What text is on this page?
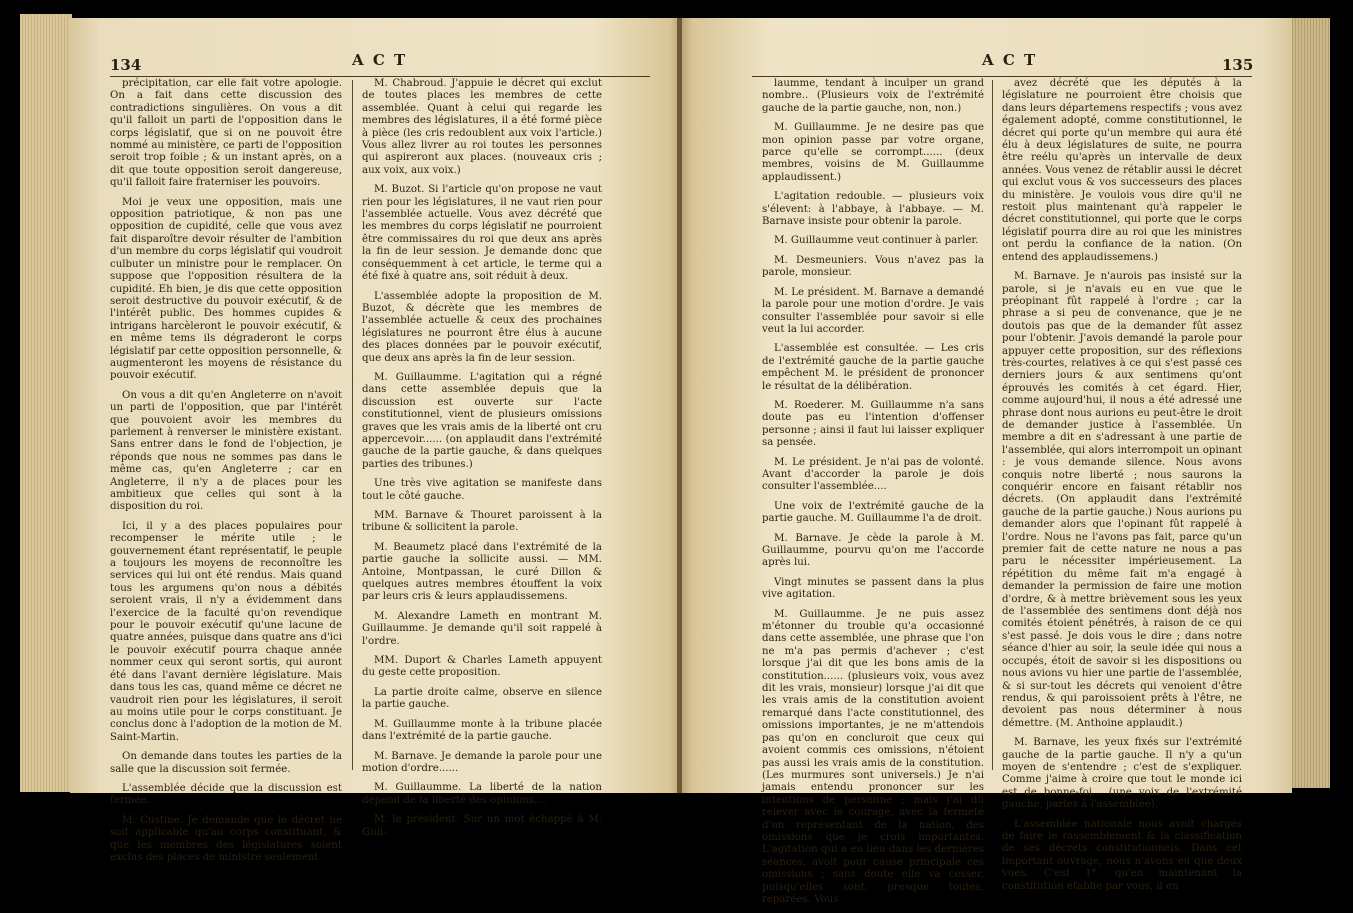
134	A C T

précipitation, car elle fait votre apologie. On a fait dans cette discussion des contradictions singulières. On vous a dit qu'il falloit un parti de l'opposition dans le corps législatif, que si on ne pouvoit être nommé au ministère, ce parti de l'opposition seroit trop foible ; & un instant après, on a dit que toute opposition seroit dangereuse, qu'il falloit faire fraterniser les pouvoirs.

Moi je veux une opposition, mais une opposition patriotique, & non pas une opposition de cupidité, celle que vous avez fait disparoître devoir résulter de l'ambition d'un membre du corps législatif qui voudroit culbuter un ministre pour le remplacer. On suppose que l'opposition résultera de la cupidité. Eh bien, je dis que cette opposition seroit destructive du pouvoir exécutif, & de l'intérêt public. Des hommes cupides & intrigans harcèleront le pouvoir exécutif, & en même tems ils dégraderont le corps législatif par cette opposition personnelle, & augmenteront les moyens de résistance du pouvoir exécutif.

On vous a dit qu'en Angleterre on n'avoit un parti de l'opposition, que par l'intérêt que pouvoient avoir les membres du parlement à renverser le ministère existant. Sans entrer dans le fond de l'objection, je réponds que nous ne sommes pas dans le même cas, qu'en Angleterre ; car en Angleterre, il n'y a de places pour les ambitieux que celles qui sont à la disposition du roi.

Ici, il y a des places populaires pour recompenser le mérite utile ; le gouvernement étant représentatif, le peuple a toujours les moyens de reconnoître les services qui lui ont été rendus. Mais quand tous les argumens qu'on nous a débités seroient vrais, il n'y a évidemment dans l'exercice de la faculté qu'on revendique pour le pouvoir exécutif qu'une lacune de quatre années, puisque dans quatre ans d'ici le pouvoir exécutif pourra chaque année nommer ceux qui seront sortis, qui auront été dans l'avant dernière législature. Mais dans tous les cas, quand même ce décret ne vaudroit rien pour les législatures, il seroit au moins utile pour le corps constituant. Je conclus donc à l'adoption de la motion de M. Saint-Martin.

On demande dans toutes les parties de la salle que la discussion soit fermée.

L'assemblée décide que la discussion est fermée.

M. Custine. Je demande que le décret ne soit applicable qu'au corps constituant, & que les membres des législatures soient exclus des places de ministre seulement.

M. Chabroud. J'appuie le décret qui exclut de toutes places les membres de cette assemblée. Quant à celui qui regarde les membres des législatures, il a été formé pièce à pièce (les cris redoublent aux voix l'article.) Vous allez livrer au roi toutes les personnes qui aspireront aux places. (nouveaux cris ; aux voix, aux voix.)

M. Buzot. Si l'article qu'on propose ne vaut rien pour les législatures, il ne vaut rien pour l'assemblée actuelle. Vous avez décrété que les membres du corps législatif ne pourroient être commissaires du roi que deux ans après la fin de leur session. Je demande donc que conséquemment à cet article, le terme qui a été fixé à quatre ans, soit réduit à deux.

L'assemblée adopte la proposition de M. Buzot, & décrète que les membres de l'assemblée actuelle & ceux des prochaines législatures ne pourront être élus à aucune des places données par le pouvoir exécutif, que deux ans après la fin de leur session.

M. Guillaumme. L'agitation qui a régné dans cette assemblée depuis que la discussion est ouverte sur l'acte constitutionnel, vient de plusieurs omissions graves que les vrais amis de la liberté ont cru appercevoir...... (on applaudit dans l'extrémité gauche de la partie gauche, & dans quelques parties des tribunes.)

Une très vive agitation se manifeste dans tout le côté gauche.

MM. Barnave & Thouret paroissent à la tribune & sollicitent la parole.

M. Beaumetz placé dans l'extrémité de la partie gauche la sollicite aussi. — MM. Antoine, Montpassan, le curé Dillon & quelques autres membres étouffent la voix par leurs cris & leurs applaudissemens.

M. Alexandre Lameth en montrant M. Guillaumme. Je demande qu'il soit rappelé à l'ordre.

MM. Duport & Charles Lameth appuyent du geste cette proposition.

La partie droite calme, observe en silence la partie gauche.

M. Guillaumme monte à la tribune placée dans l'extrémité de la partie gauche.

M. Barnave. Je demande la parole pour une motion d'ordre......

M. Guillaumme. La liberté de la nation dépend de la liberté des opinions....

M. le président. Sur un mot échappé à M. Guil-

A C T	135

laumme, tendant à inculper un grand nombre.. (Plusieurs voix de l'extrémité gauche de la partie gauche, non, non.)

M. Guillaumme. Je ne desire pas que mon opinion passe par votre organe, parce qu'elle se corrompt...... (deux membres, voisins de M. Guillaumme applaudissent.)

L'agitation redouble. — plusieurs voix s'élevent: à l'abbaye, à l'abbaye. — M. Barnave insiste pour obtenir la parole.

M. Guillaumme veut continuer à parler.

M. Desmeuniers. Vous n'avez pas la parole, monsieur.

M. Le président. M. Barnave a demandé la parole pour une motion d'ordre. Je vais consulter l'assemblée pour savoir si elle veut la lui accorder.

L'assemblée est consultée. — Les cris de l'extrémité gauche de la partie gauche empêchent M. le président de prononcer le résultat de la délibération.

M. Roederer. M. Guillaumme n'a sans doute pas eu l'intention d'offenser personne ; ainsi il faut lui laisser expliquer sa pensée.

M. Le président. Je n'ai pas de volonté. Avant d'accorder la parole je dois consulter l'assemblée....

Une voix de l'extrémité gauche de la partie gauche. M. Guillaumme l'a de droit.

M. Barnave. Je cède la parole à M. Guillaumme, pourvu qu'on me l'accorde après lui.

Vingt minutes se passent dans la plus vive agitation.

M. Guillaumme. Je ne puis assez m'étonner du trouble qu'a occasionné dans cette assemblée, une phrase que l'on ne m'a pas permis d'achever ; c'est lorsque j'ai dit que les bons amis de la constitution...... (plusieurs voix, vous avez dit les vrais, monsieur) lorsque j'ai dit que les vrais amis de la constitution avoient remarqué dans l'acte constitutionnel, des omissions importantes, je ne m'attendois pas qu'on en concluroit que ceux qui avoient commis ces omissions, n'étoient pas aussi les vrais amis de la constitution. (Les murmures sont universels.) Je n'ai jamais entendu prononcer sur les intentions de personne ; mais j'ai dû relever avec le courage, avec la fermeté d'un représentant de la nation, des omissions que je crois importantes. L'agitation qui a eu lieu dans les dernières séances, avoit pour cause principale ces omissions ; sans doute elle va cesser, puisqu'elles sont, presque toutes, reparées. Vous

avez décrété que les députés à la législature ne pourroient être choisis que dans leurs départemens respectifs ; vous avez également adopté, comme constitutionnel, le décret qui porte qu'un membre qui aura été élu à deux législatures de suite, ne pourra être reélu qu'après un intervalle de deux années. Vous venez de rétablir aussi le décret qui exclut vous & vos successeurs des places du ministère. Je voulois vous dire qu'il ne restoit plus maintenant qu'à rappeler le décret constitutionnel, qui porte que le corps législatif pourra dire au roi que les ministres ont perdu la confiance de la nation. (On entend des applaudissemens.)

M. Barnave. Je n'aurois pas insisté sur la parole, si je n'avais eu en vue que le préopinant fût rappelé à l'ordre ; car la phrase a si peu de convenance, que je ne doutois pas que de la demander fût assez pour l'obtenir. J'avois demandé la parole pour appuyer cette proposition, sur des réflexions très-courtes, relatives à ce qui s'est passé ces derniers jours & aux sentimens qu'ont éprouvés les comités à cet égard. Hier, comme aujourd'hui, il nous a été adressé une phrase dont nous aurions eu peut-être le droit de demander justice à l'assemblée. Un membre a dit en s'adressant à une partie de l'assemblée, qui alors interrompoit un opinant : je vous demande silence. Nous avons conquis notre liberté ; nous saurons la conquérir encore en faisant rétablir nos décrets. (On applaudit dans l'extrémité gauche de la partie gauche.) Nous aurions pu demander alors que l'opinant fût rappelé à l'ordre. Nous ne l'avons pas fait, parce qu'un premier fait de cette nature ne nous a pas paru le nécessiter impérieusement. La répétition du même fait m'a engagé à demander la permission de faire une motion d'ordre, & à mettre brièvement sous les yeux de l'assemblée des sentimens dont déjà nos comités étoient pénétrés, à raison de ce qui s'est passé. Je dois vous le dire ; dans notre séance d'hier au soir, la seule idée qui nous a occupés, étoit de savoir si les dispositions ou nous avions vu hier une partie de l'assemblée, & si sur-tout les décrets qui venoient d'être rendus, & qui paroissoient prêts à l'être, ne devoient pas nous déterminer à nous démettre. (M. Anthoine applaudit.)

M. Barnave, les yeux fixés sur l'extrémité gauche de la partie gauche. Il n'y a qu'un moyen de s'entendre ; c'est de s'expliquer. Comme j'aime à croire que tout le monde ici est de bonne-foi... (une voix de l'extrémité gauche, parlez à l'assemblée).

L'assemblée nationale nous avoit chargés de faire le rassemblement & la classification de ses décrets constitutionnels. Dans cet important ouvrage, nous n'avons eu que deux vues. C'est 1°. qu'en maintenant la constitution établie par vous, il en
